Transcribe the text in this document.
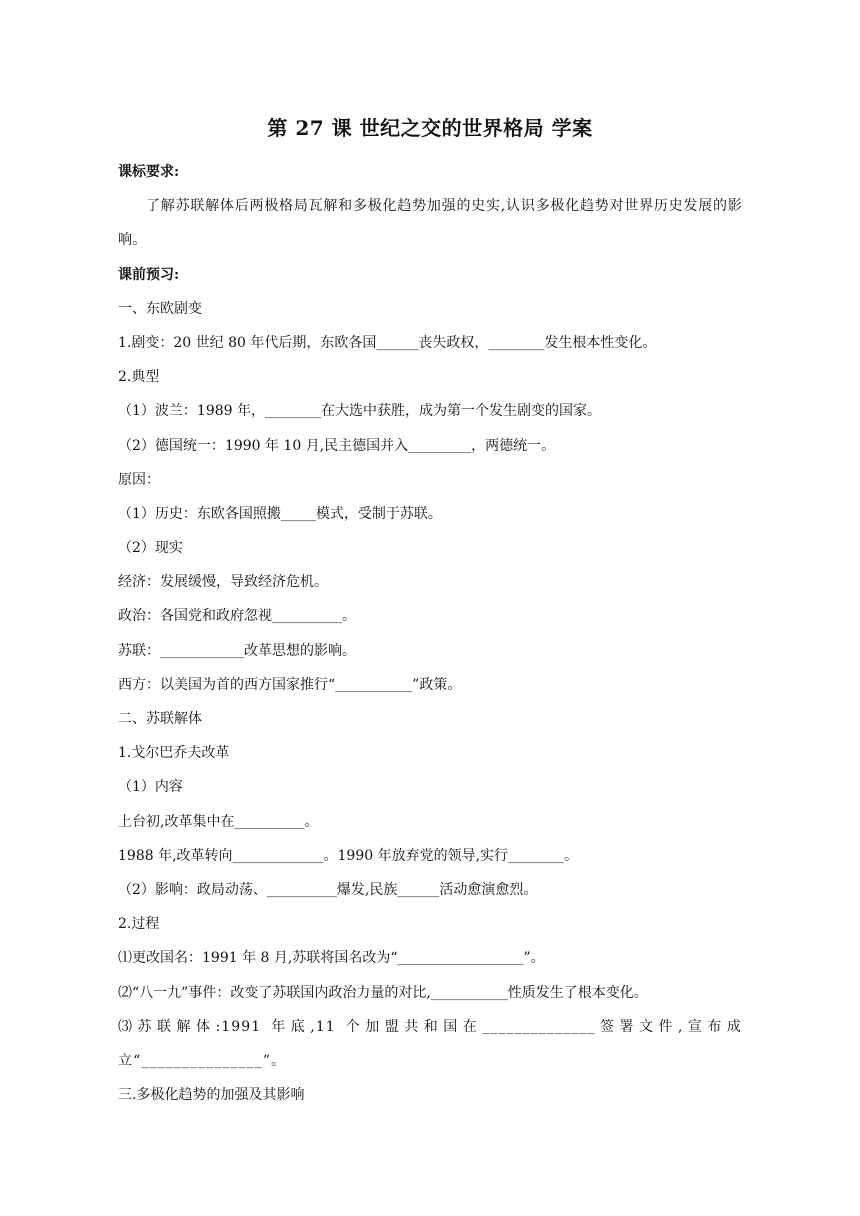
第 27 课 世纪之交的世界格局 学案
课标要求:
了解苏联解体后两极格局瓦解和多极化趋势加强的史实,认识多极化趋势对世界历史发展的影响。
课前预习:
一、东欧剧变
1.剧变：20 世纪 80 年代后期，东欧各国______丧失政权，________发生根本性变化。
2.典型
（1）波兰：1989 年，________在大选中获胜，成为第一个发生剧变的国家。
（2）德国统一：1990 年 10 月,民主德国并入_________，两德统一。
原因：
（1）历史：东欧各国照搬_____模式，受制于苏联。
（2）现实
经济：发展缓慢，导致经济危机。
政治：各国党和政府忽视__________。
苏联：____________改革思想的影响。
西方：以美国为首的西方国家推行“___________”政策。
二、苏联解体
1.戈尔巴乔夫改革
（1）内容
上台初,改革集中在__________。
1988 年,改革转向_____________。1990 年放弃党的领导,实行________。
（2）影响：政局动荡、__________爆发,民族______活动愈演愈烈。
2.过程
⑴更改国名：1991 年 8 月,苏联将国名改为“__________________”。
⑵“八一九”事件：改变了苏联国内政治力量的对比,___________性质发生了根本变化。
⑶苏联解体:1991 年底,11 个加盟共和国在______________签署文件,宣布成立“_______________”。
三.多极化趋势的加强及其影响
